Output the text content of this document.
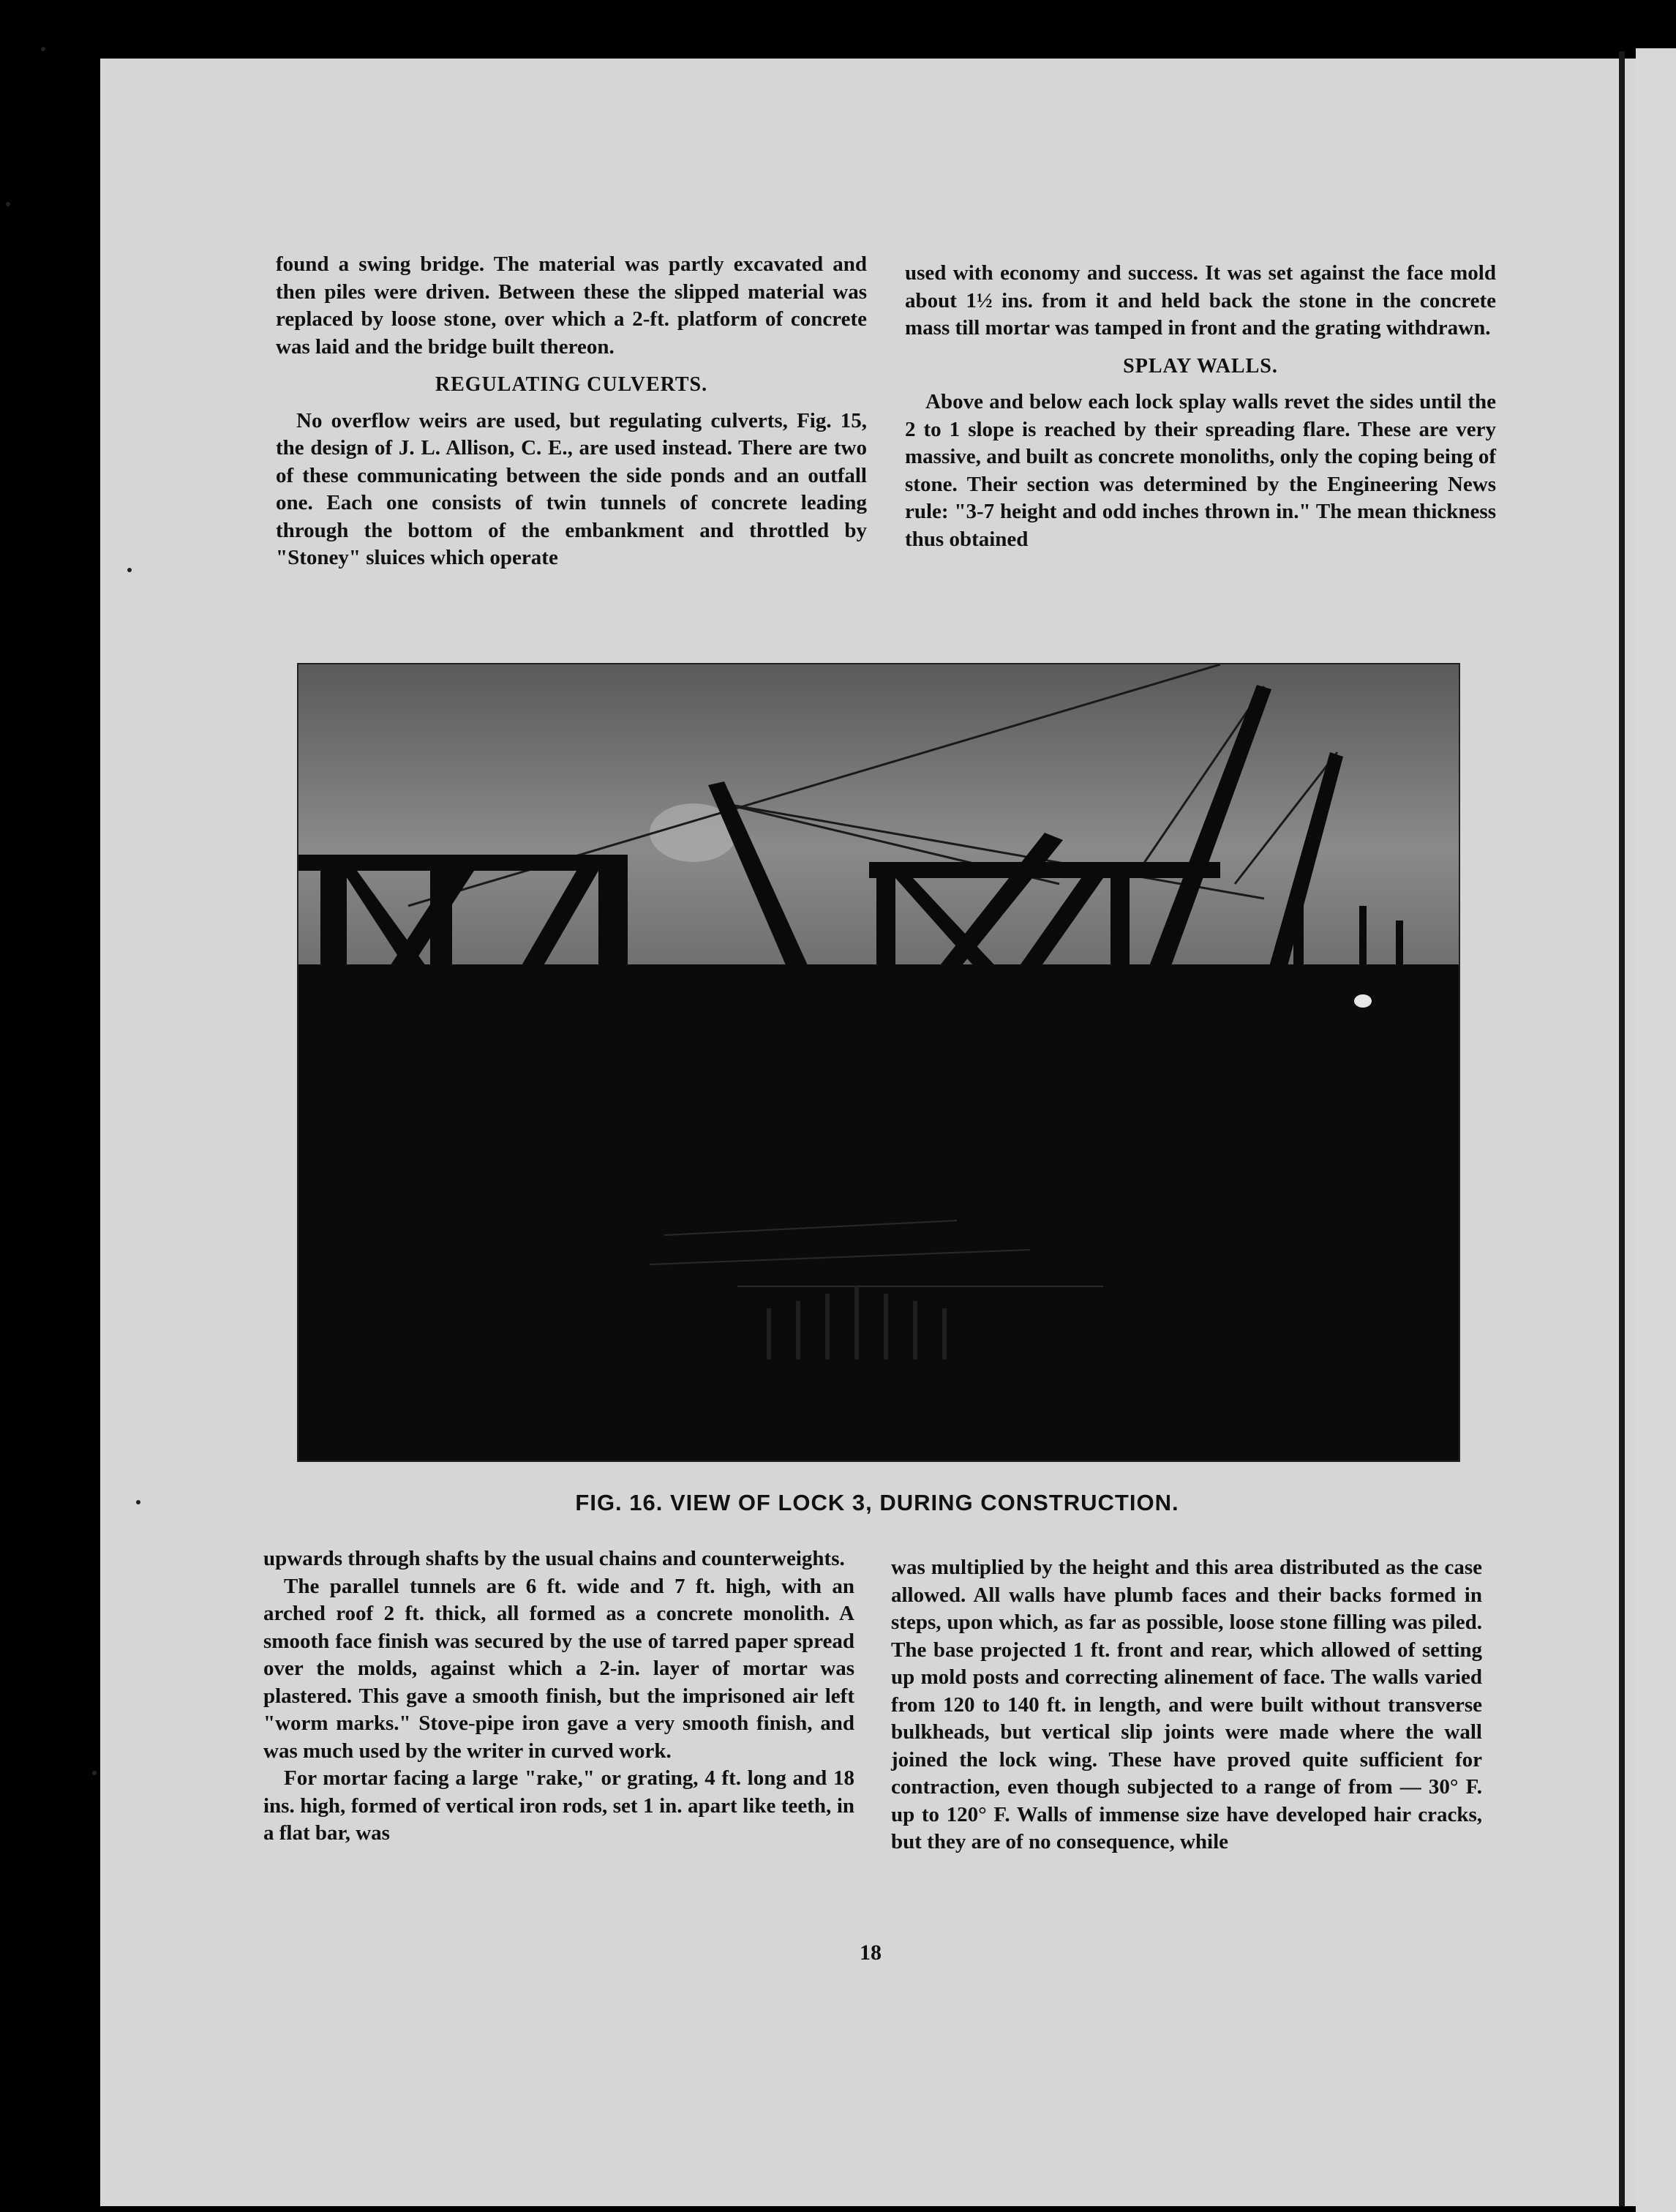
found a swing bridge. The material was partly excavated and then piles were driven. Between these the slipped material was replaced by loose stone, over which a 2-ft. platform of concrete was laid and the bridge built thereon.

REGULATING CULVERTS.

No overflow weirs are used, but regulating culverts, Fig. 15, the design of J. L. Allison, C. E., are used instead. There are two of these communicating between the side ponds and an outfall one. Each one consists of twin tunnels of concrete leading through the bottom of the embankment and throttled by "Stoney" sluices which operate

used with economy and success. It was set against the face mold about 1½ ins. from it and held back the stone in the concrete mass till mortar was tamped in front and the grating withdrawn.

SPLAY WALLS.

Above and below each lock splay walls revet the sides until the 2 to 1 slope is reached by their spreading flare. These are very massive, and built as concrete monoliths, only the coping being of stone. Their section was determined by the Engineering News rule: "3-7 height and odd inches thrown in." The mean thickness thus obtained

FIG. 16. VIEW OF LOCK 3, DURING CONSTRUCTION.

upwards through shafts by the usual chains and counterweights.

The parallel tunnels are 6 ft. wide and 7 ft. high, with an arched roof 2 ft. thick, all formed as a concrete monolith. A smooth face finish was secured by the use of tarred paper spread over the molds, against which a 2-in. layer of mortar was plastered. This gave a smooth finish, but the imprisoned air left "worm marks." Stove-pipe iron gave a very smooth finish, and was much used by the writer in curved work.

For mortar facing a large "rake," or grating, 4 ft. long and 18 ins. high, formed of vertical iron rods, set 1 in. apart like teeth, in a flat bar, was

was multiplied by the height and this area distributed as the case allowed. All walls have plumb faces and their backs formed in steps, upon which, as far as possible, loose stone filling was piled. The base projected 1 ft. front and rear, which allowed of setting up mold posts and correcting alinement of face. The walls varied from 120 to 140 ft. in length, and were built without transverse bulkheads, but vertical slip joints were made where the wall joined the lock wing. These have proved quite sufficient for contraction, even though subjected to a range of from — 30° F. up to 120° F. Walls of immense size have developed hair cracks, but they are of no consequence, while

18
